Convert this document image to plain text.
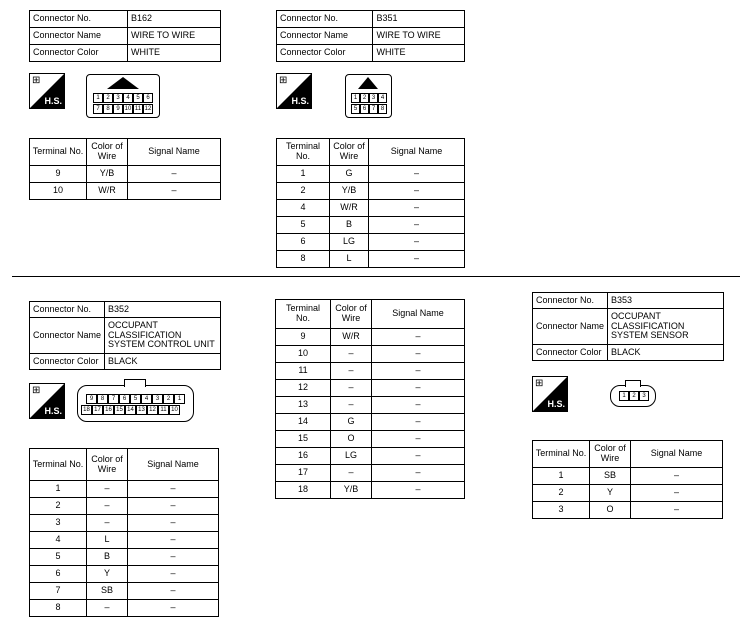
Connector No.	B162
Connector Name	WIRE TO WIRE
Connector Color	WHITE
⊞
H.S.	1	2	3	4	5	6
7	8	9 10 11 12
Terminal No.	Color of Wire	Signal Name
9	Y/B	–
10	W/R	–
Connector No.	B351
Connector Name	WIRE TO WIRE
Connector Color	WHITE
⊞
H.S.	1 2 3 4
5 6 7 8
Terminal No.	Color of Wire	Signal Name
1	G	–
2	Y/B	–
4	W/R	–
5	B	–
6	LG	–
8	L	–
Connector No.	B352
Connector Name	OCCUPANT CLASSIFICATION SYSTEM CONTROL UNIT
Connector Color	BLACK
⊞
H.S.
9	8	7	6	5	4	3	2	1
18 17 16 15 14 13 12 11 10
Terminal No.	Color of Wire	Signal Name
1	–	–
2	–	–
3	–	–
4	L	–
5	B	–
6	Y	–
7	SB	–
8	–	–
Terminal No.	Color of Wire	Signal Name
9	W/R	–
10	–	–
11	–	–
12	–	–
13	–	–
14	G	–
15	O	–
16	LG	–
17	–	–
18	Y/B	–
Connector No.	B353
Connector Name	OCCUPANT CLASSIFICATION SYSTEM SENSOR
Connector Color	BLACK
⊞
H.S.
1	2	3
Terminal No.	Color of Wire	Signal Name
1	SB	–
2	Y	–
3	O	–
